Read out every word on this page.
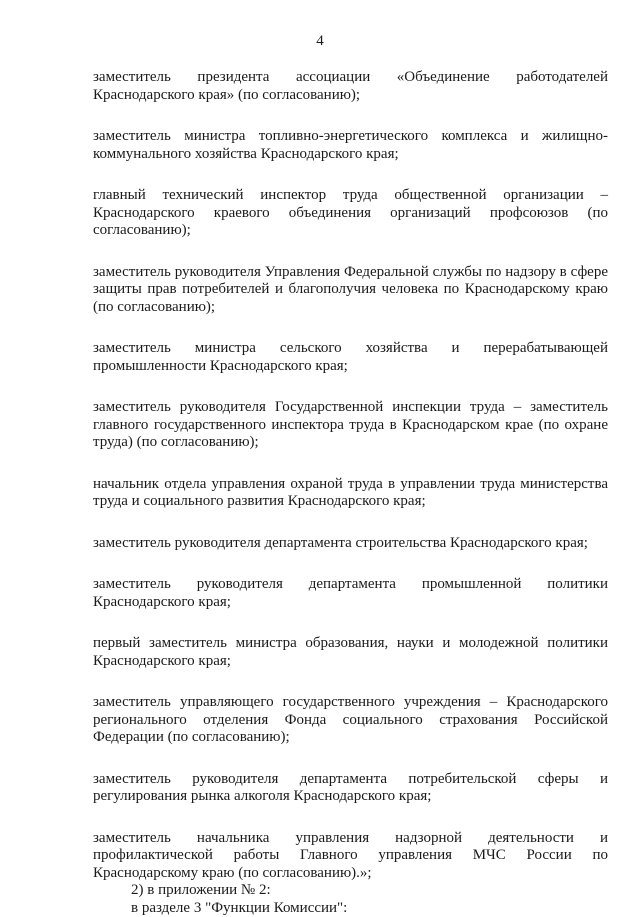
4

заместитель президента ассоциации «Объединение работодателей Краснодарского края» (по согласованию);

заместитель министра топливно-энергетического комплекса и жилищно-коммунального хозяйства Краснодарского края;

главный технический инспектор труда общественной организации – Краснодарского краевого объединения организаций профсоюзов (по согласованию);

заместитель руководителя Управления Федеральной службы по надзору в сфере защиты прав потребителей и благополучия человека по Краснодарскому краю (по согласованию);

заместитель министра сельского хозяйства и перерабатывающей промышленности Краснодарского края;

заместитель руководителя Государственной инспекции труда – заместитель главного государственного инспектора труда в Краснодарском крае (по охране труда) (по согласованию);

начальник отдела управления охраной труда в управлении труда министерства труда и социального развития Краснодарского края;

заместитель руководителя департамента строительства Краснодарского края;

заместитель руководителя департамента промышленной политики Краснодарского края;

первый заместитель министра образования, науки и молодежной политики Краснодарского края;

заместитель управляющего государственного учреждения – Краснодарского регионального отделения Фонда социального страхования Российской Федерации (по согласованию);

заместитель руководителя департамента потребительской сферы и регулирования рынка алкоголя Краснодарского края;

заместитель начальника управления надзорной деятельности и профилактической работы Главного управления МЧС России по Краснодарскому краю (по согласованию).»;

2) в приложении № 2:

в разделе 3 "Функции Комиссии":
